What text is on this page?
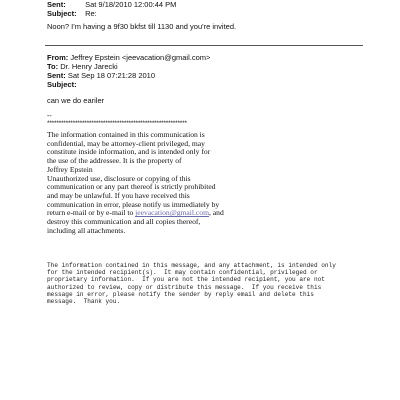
Sent:	Sat 9/18/2010 12:00:44 PM
Subject: Re:
Noon? I'm having a 9f30 bkfst till 1130 and you're invited.
From: Jeffrey Epstein <jeevacation@gmail.com>
To: Dr. Henry Jarecki
Sent: Sat Sep 18 07:21:28 2010
Subject:
can we do eariler
--
************************************************************

The information contained in this communication is

confidential, may be attorney-client privileged, may

constitute inside information, and is intended only for

the use of the addressee. It is the property of

Jeffrey Epstein

Unauthorized use, disclosure or copying of this

communication or any part thereof is strictly prohibited

and may be unlawful. If you have received this

communication in error, please notify us immediately by

return e-mail or by e-mail to jeevacation@gmail.com, and

destroy this communication and all copies thereof,

including all attachments.

The information contained in this message, and any attachment, is intended only
for the intended recipient(s).  It may contain confidential, privileged or
proprietary information.  If you are not the intended recipient, you are not
authorized to review, copy or distribute this message.  If you receive this
message in error, please notify the sender by reply email and delete this
message.  Thank you.
